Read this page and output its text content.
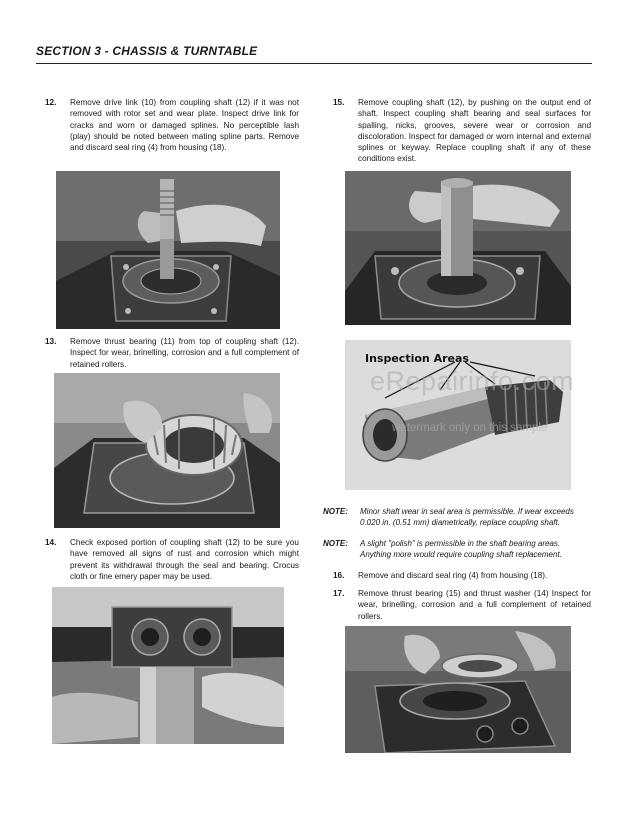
SECTION 3 - CHASSIS & TURNTABLE
12. Remove drive link (10) from coupling shaft (12) if it was not removed with rotor set and wear plate. Inspect drive link for cracks and worn or damaged splines. No perceptible lash (play) should be noted between mating spline parts. Remove and discard seal ring (4) from housing (18).
13. Remove thrust bearing (11) from top of coupling shaft (12). Inspect for wear, brinelling, corrosion and a full complement of retained rollers.
14. Check exposed portion of coupling shaft (12) to be sure you have removed all signs of rust and corrosion which might prevent its withdrawal through the seal and bearing. Crocus cloth or fine emery paper may be used.
15. Remove coupling shaft (12), by pushing on the output end of shaft. Inspect coupling shaft bearing and seal surfaces for spalling, nicks, grooves, severe wear or corrosion and discoloration. Inspect for damaged or worn internal and external splines or keyway. Replace coupling shaft if any of these conditions exist.
Inspection Areas
eRepairinfo.com
watermark only on this sample
NOTE: Minor shaft wear in seal area is permissible. If wear exceeds 0.020 in. (0.51 mm) diametrically, replace coupling shaft.
NOTE: A slight "polish" is permissible in the shaft bearing areas. Anything more would require coupling shaft replacement.
16. Remove and discard seal ring (4) from housing (18).
17. Remove thrust bearing (15) and thrust washer (14) Inspect for wear, brinelling, corrosion and a full complement of retained rollers.
